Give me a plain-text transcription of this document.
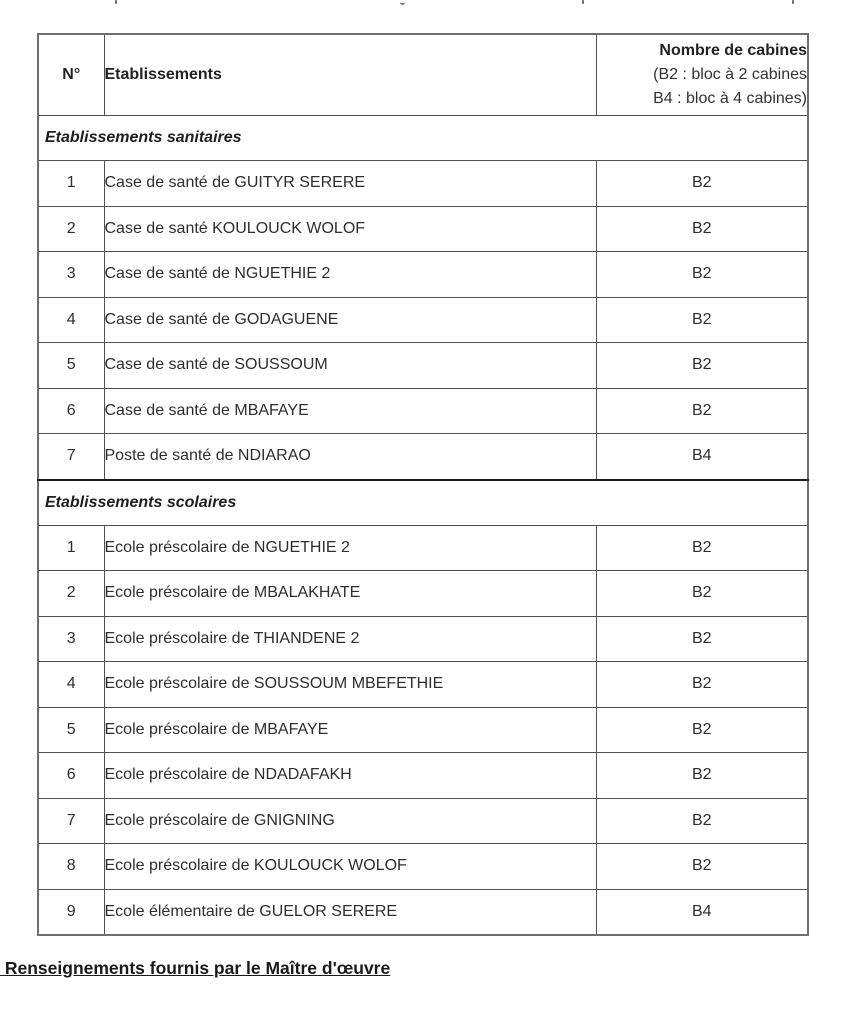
N°	Etablissements	Nombre de cabines
(B2 : bloc à 2 cabines
B4 : bloc à 4 cabines)

Etablissements sanitaires		
1	Case de santé de GUITYR SERERE	B2
2	Case de santé KOULOUCK WOLOF	B2
3	Case de santé de NGUETHIE 2	B2
4	Case de santé de GODAGUENE	B2
5	Case de santé de SOUSSOUM	B2
6	Case de santé de MBAFAYE	B2
7	Poste de santé de NDIARAO	B4
Etablissements scolaires		
1	Ecole préscolaire de NGUETHIE 2	B2
2	Ecole préscolaire de MBALAKHATE	B2
3	Ecole préscolaire de THIANDENE 2	B2
4	Ecole préscolaire de SOUSSOUM MBEFETHIE	B2
5	Ecole préscolaire de MBAFAYE	B2
6	Ecole préscolaire de NDADAFAKH	B2
7	Ecole préscolaire de GNIGNING	B2
8	Ecole préscolaire de KOULOUCK WOLOF	B2
9	Ecole élémentaire de GUELOR SERERE	B4
Renseignements fournis par le Maître d'œuvre
